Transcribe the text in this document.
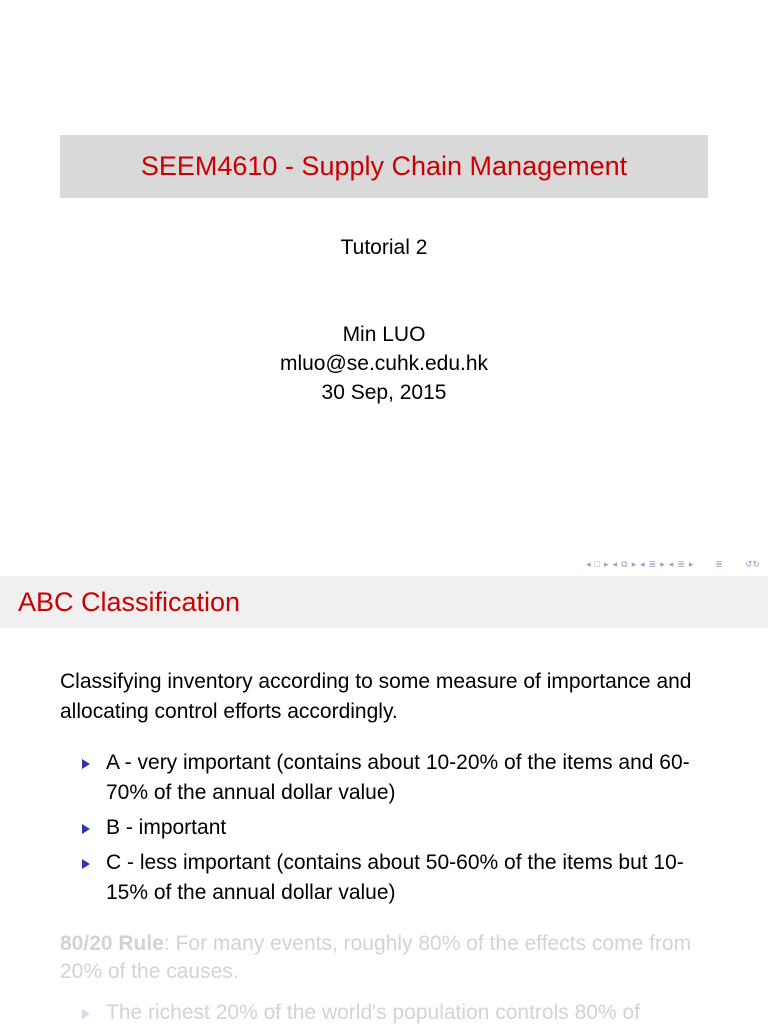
SEEM4610 - Supply Chain Management
Tutorial 2
Min LUO
mluo@se.cuhk.edu.hk
30 Sep, 2015
◂ □ ▸ ◂ ⧉ ▸ ◂ ≣ ▸ ◂ ≣ ▸ ≣ ↺↻
ABC Classification
Classifying inventory according to some measure of importance and allocating control efforts accordingly.
A - very important (contains about 10-20% of the items and 60-70% of the annual dollar value)
B - important
C - less important (contains about 50-60% of the items but 10-15% of the annual dollar value)
80/20 Rule: For many events, roughly 80% of the effects come from 20% of the causes.
The richest 20% of the world's population controls 80% of
